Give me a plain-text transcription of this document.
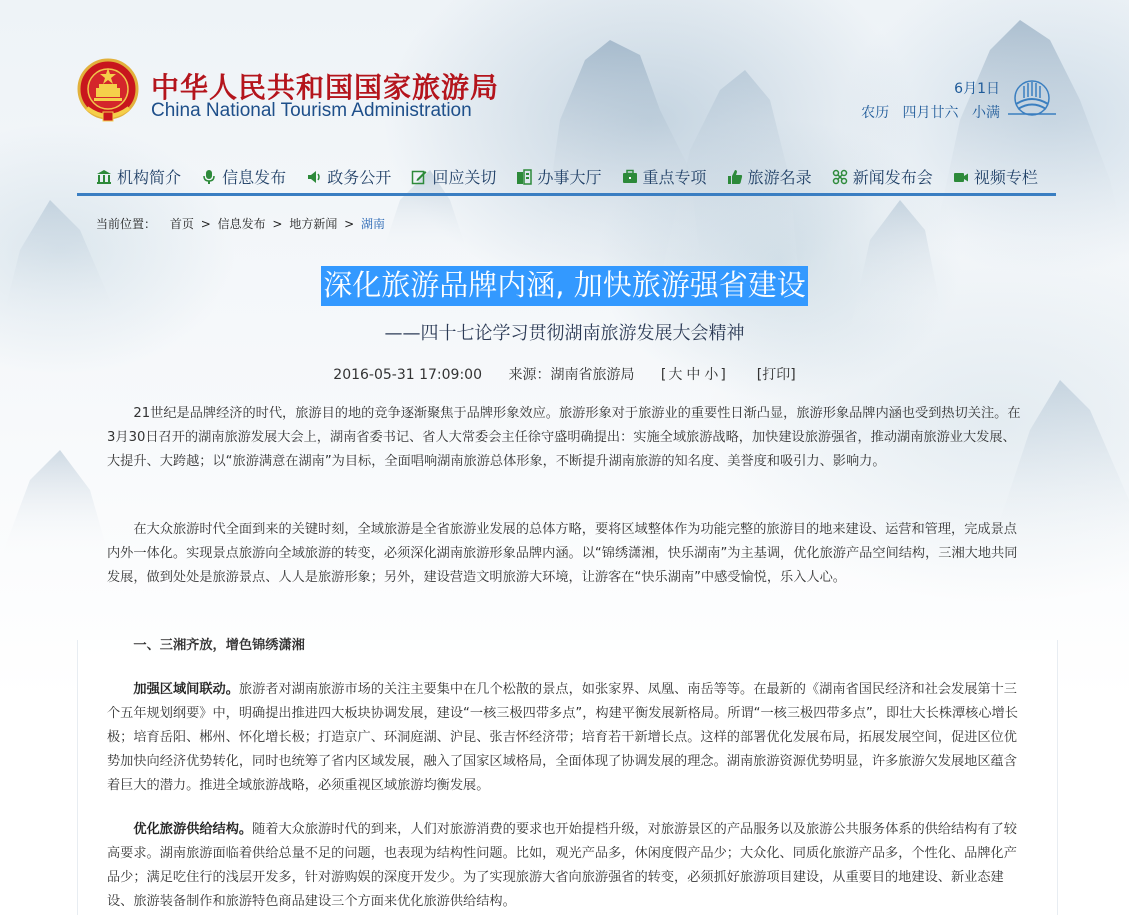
中华人民共和国国家旅游局

China National Tourism Administration

6月1日
农历 四月廿六 小满
机构简介	信息发布	政务公开	回应关切	办事大厅	重点专项	旅游名录	新闻发布会	视频专栏
当前位置： 首页 > 信息发布 > 地方新闻 > 湖南
深化旅游品牌内涵, 加快旅游强省建设
——四十七论学习贯彻湖南旅游发展大会精神
2016-05-31 17:09:00 来源：湖南省旅游局 [ 大 中 小 ] [打印]

21世纪是品牌经济的时代，旅游目的地的竞争逐渐聚焦于品牌形象效应。旅游形象对于旅游业的重要性日渐凸显，旅游形象品牌内涵也受到热切关注。在3月30日召开的湖南旅游发展大会上，湖南省委书记、省人大常委会主任徐守盛明确提出：实施全域旅游战略，加快建设旅游强省，推动湖南旅游业大发展、大提升、大跨越；以“旅游满意在湖南”为目标，全面唱响湖南旅游总体形象，不断提升湖南旅游的知名度、美誉度和吸引力、影响力。

在大众旅游时代全面到来的关键时刻，全域旅游是全省旅游业发展的总体方略，要将区域整体作为功能完整的旅游目的地来建设、运营和管理，完成景点内外一体化。实现景点旅游向全域旅游的转变，必须深化湖南旅游形象品牌内涵。以“锦绣潇湘，快乐湖南”为主基调，优化旅游产品空间结构，三湘大地共同发展，做到处处是旅游景点、人人是旅游形象；另外，建设营造文明旅游大环境，让游客在“快乐湖南”中感受愉悦，乐入人心。

一、三湘齐放，增色锦绣潇湘

加强区域间联动。旅游者对湖南旅游市场的关注主要集中在几个松散的景点，如张家界、凤凰、南岳等等。在最新的《湖南省国民经济和社会发展第十三个五年规划纲要》中，明确提出推进四大板块协调发展，建设“一核三极四带多点”，构建平衡发展新格局。所谓“一核三极四带多点”，即壮大长株潭核心增长极；培育岳阳、郴州、怀化增长极；打造京广、环洞庭湖、沪昆、张吉怀经济带；培育若干新增长点。这样的部署优化发展布局，拓展发展空间，促进区位优势加快向经济优势转化，同时也统筹了省内区域发展，融入了国家区域格局，全面体现了协调发展的理念。湖南旅游资源优势明显，许多旅游欠发展地区蕴含着巨大的潜力。推进全域旅游战略，必须重视区域旅游均衡发展。

优化旅游供给结构。随着大众旅游时代的到来，人们对旅游消费的要求也开始提档升级，对旅游景区的产品服务以及旅游公共服务体系的供给结构有了较高要求。湖南旅游面临着供给总量不足的问题，也表现为结构性问题。比如，观光产品多，休闲度假产品少；大众化、同质化旅游产品多，个性化、品牌化产品少；满足吃住行的浅层开发多，针对游购娱的深度开发少。为了实现旅游大省向旅游强省的转变，必须抓好旅游项目建设，从重要目的地建设、新业态建设、旅游装备制作和旅游特色商品建设三个方面来优化旅游供给结构。
